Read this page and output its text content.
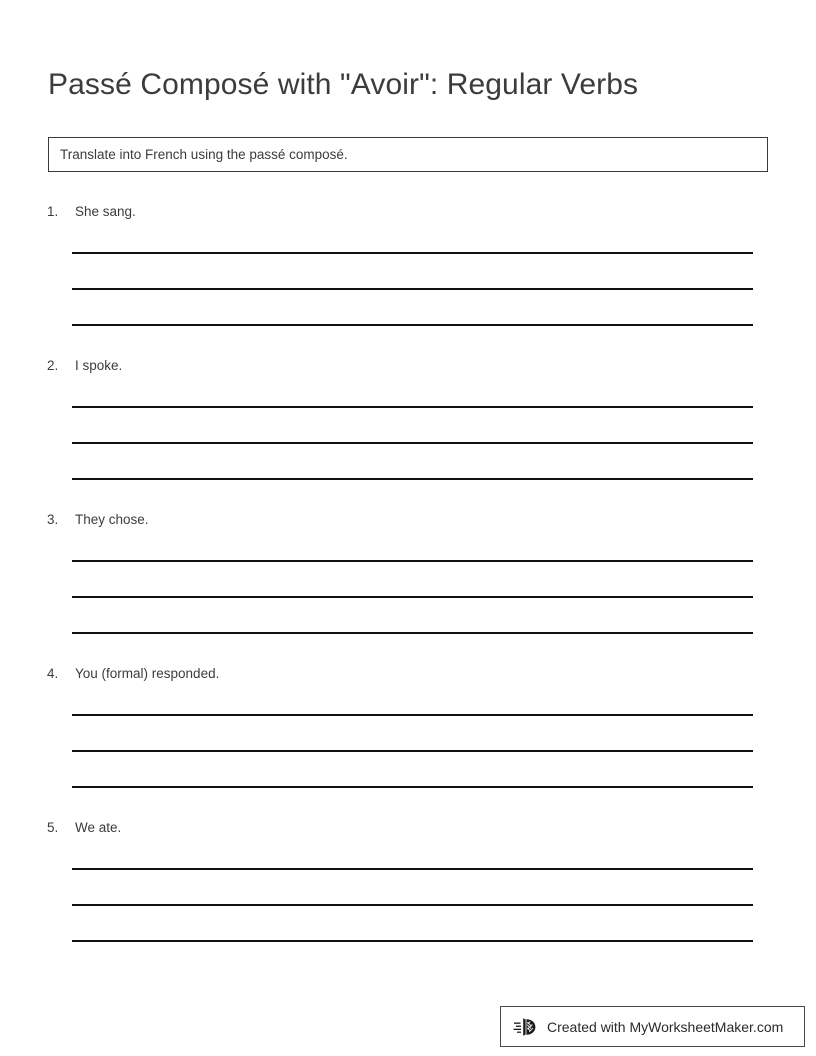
Passé Composé with "Avoir": Regular Verbs
Translate into French using the passé composé.
1.	She sang.
2.	I spoke.
3.	They chose.
4.	You (formal) responded.
5.	We ate.
Created with MyWorksheetMaker.com
